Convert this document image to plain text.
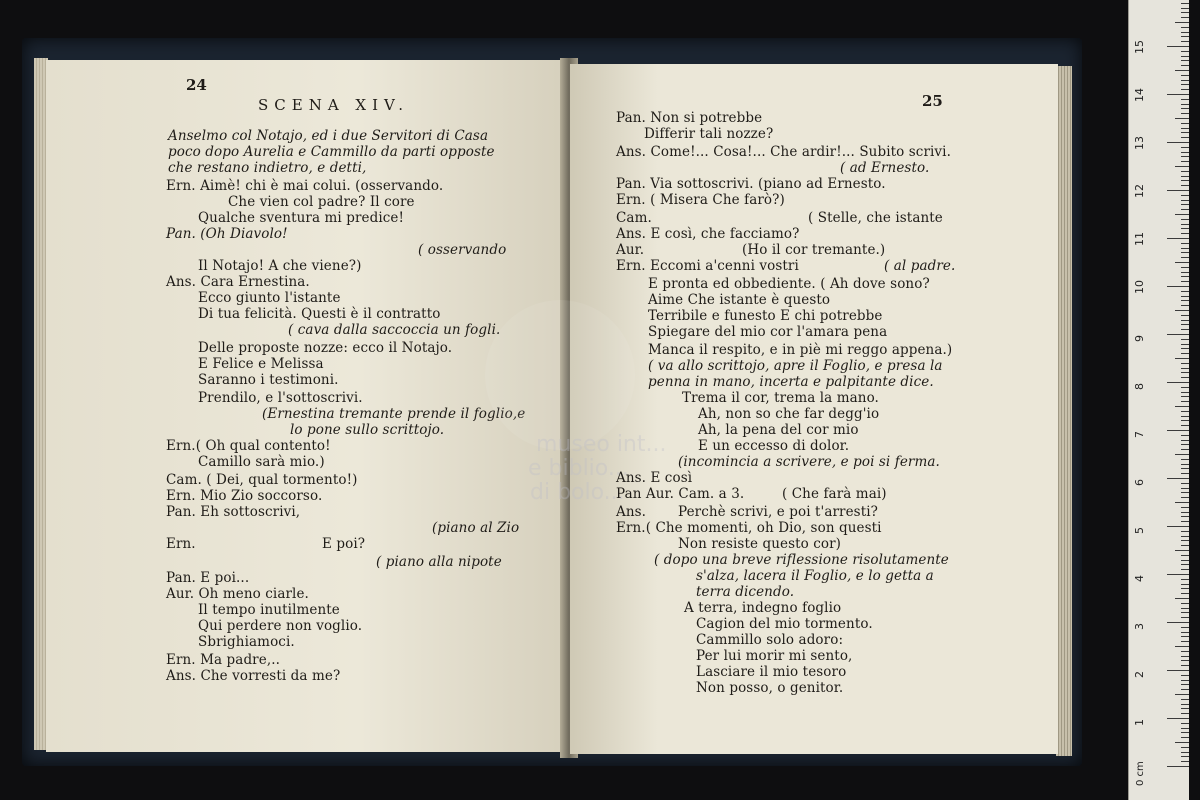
24
SCENA XIV.
Anselmo col Notajo, ed i due Servitori di Casa
poco dopo Aurelia e Cammillo da parti opposte
che restano indietro, e detti,
Ern. Aimè! chi è mai colui. (osservando.
Che vien col padre? Il core
Qualche sventura mi predice!
Pan. (Oh Diavolo!
( osservando
Il Notajo! A che viene?)
Ans. Cara Ernestina.
Ecco giunto l'istante
Di tua felicità. Questi è il contratto
( cava dalla saccoccia un fogli.
Delle proposte nozze: ecco il Notajo.
E Felice e Melissa
Saranno i testimoni.
Prendilo, e l'sottoscrivi.
(Ernestina tremante prende il foglio,e
lo pone sullo scrittojo.
Ern.( Oh qual contento!
Camillo sarà mio.)
Cam. ( Dei, qual tormento!)
Ern. Mio Zio soccorso.
Pan. Eh sottoscrivi,
(piano al Zio
Ern.	E poi?
( piano alla nipote
Pan. E poi...
Aur. Oh meno ciarle.
Il tempo inutilmente
Qui perdere non voglio.
Sbrighiamoci.
Ern. Ma padre,..
Ans. Che vorresti da me?
25
Pan. Non si potrebbe
Differir tali nozze?
Ans. Come!... Cosa!... Che ardir!... Subito scrivi.
( ad Ernesto.
Pan. Via sottoscrivi. (piano ad Ernesto.
Ern. ( Misera Che farò?)
Cam.	( Stelle, che istante
Ans. E così, che facciamo?
Aur.	(Ho il cor tremante.)
Ern. Eccomi a'cenni vostri	( al padre.
E pronta ed obbediente. ( Ah dove sono?
Aime Che istante è questo
Terribile e funesto E chi potrebbe
Spiegare del mio cor l'amara pena
Manca il respito, e in piè mi reggo appena.)
( va allo scrittojo, apre il Foglio, e presa la
penna in mano, incerta e palpitante dice.
Trema il cor, trema la mano.
Ah, non so che far degg'io
Ah, la pena del cor mio
E un eccesso di dolor.
(incomincia a scrivere, e poi si ferma.
Ans. E così
Pan Aur. Cam. a 3.	( Che farà mai)
Ans. Perchè scrivi, e poi t'arresti?
Ern.( Che momenti, oh Dio, son questi
Non resiste questo cor)
( dopo una breve riflessione risolutamente
s'alza, lacera il Foglio, e lo getta a
terra dicendo.
A terra, indegno foglio
Cagion del mio tormento.
Cammillo solo adoro:
Per lui morir mi sento,
Lasciare il mio tesoro
Non posso, o genitor.
museo int...
e biblio...
di bolo...
1
2
3
4
5
6
7
8
9
10
11
12
13
14
15
0 cm
